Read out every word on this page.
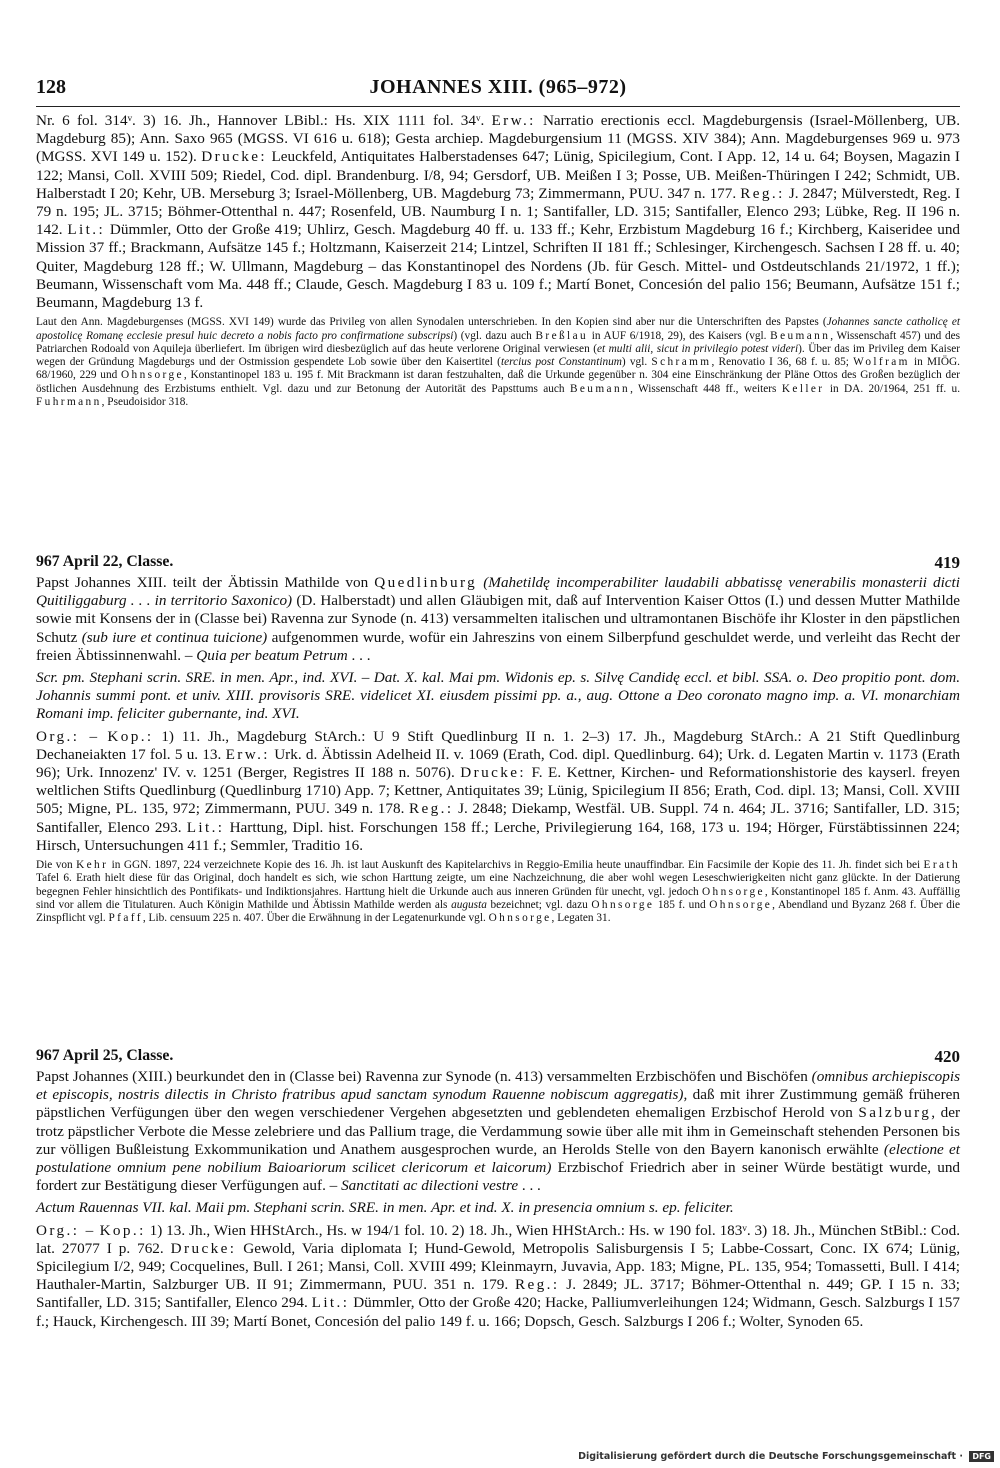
128	JOHANNES XIII. (965–972)

Nr. 6 fol. 314ᵛ. 3) 16. Jh., Hannover LBibl.: Hs. XIX 1111 fol. 34ᵛ. Erw.: Narratio erectionis eccl. Magdeburgensis (Israel-Möllenberg, UB. Magdeburg 85); Ann. Saxo 965 (MGSS. VI 616 u. 618); Gesta archiep. Magdeburgensium 11 (MGSS. XIV 384); Ann. Magdeburgenses 969 u. 973 (MGSS. XVI 149 u. 152). Drucke: Leuckfeld, Antiquitates Halberstadenses 647; Lünig, Spicilegium, Cont. I App. 12, 14 u. 64; Boysen, Magazin I 122; Mansi, Coll. XVIII 509; Riedel, Cod. dipl. Brandenburg. I/8, 94; Gersdorf, UB. Meißen I 3; Posse, UB. Meißen-Thüringen I 242; Schmidt, UB. Halberstadt I 20; Kehr, UB. Merseburg 3; Israel-Möllenberg, UB. Magdeburg 73; Zimmermann, PUU. 347 n. 177. Reg.: J. 2847; Mülverstedt, Reg. I 79 n. 195; JL. 3715; Böhmer-Ottenthal n. 447; Rosenfeld, UB. Naumburg I n. 1; Santifaller, LD. 315; Santifaller, Elenco 293; Lübke, Reg. II 196 n. 142. Lit.: Dümmler, Otto der Große 419; Uhlirz, Gesch. Magdeburg 40 ff. u. 133 ff.; Kehr, Erzbistum Magdeburg 16 f.; Kirchberg, Kaiseridee und Mission 37 ff.; Brackmann, Aufsätze 145 f.; Holtzmann, Kaiserzeit 214; Lintzel, Schriften II 181 ff.; Schlesinger, Kirchengesch. Sachsen I 28 ff. u. 40; Quiter, Magdeburg 128 ff.; W. Ullmann, Magdeburg – das Konstantinopel des Nordens (Jb. für Gesch. Mittel- und Ostdeutschlands 21/1972, 1 ff.); Beumann, Wissenschaft vom Ma. 448 ff.; Claude, Gesch. Magdeburg I 83 u. 109 f.; Martí Bonet, Concesión del palio 156; Beumann, Aufsätze 151 f.; Beumann, Magdeburg 13 f.

Laut den Ann. Magdeburgenses (MGSS. XVI 149) wurde das Privileg von allen Synodalen unterschrieben. In den Kopien sind aber nur die Unterschriften des Papstes (Johannes sancte catholicę et apostolicę Romanę ecclesie presul huic decreto a nobis facto pro confirmatione subscripsi) (vgl. dazu auch Breßlau in AUF 6/1918, 29), des Kaisers (vgl. Beumann, Wissenschaft 457) und des Patriarchen Rodoald von Aquileja überliefert. Im übrigen wird diesbezüglich auf das heute verlorene Original verwiesen (et multi alii, sicut in privilegio potest videri). Über das im Privileg dem Kaiser wegen der Gründung Magdeburgs und der Ostmission gespendete Lob sowie über den Kaisertitel (tercius post Constantinum) vgl. Schramm, Renovatio I 36, 68 f. u. 85; Wolfram in MIÖG. 68/1960, 229 und Ohnsorge, Konstantinopel 183 u. 195 f. Mit Brackmann ist daran festzuhalten, daß die Urkunde gegenüber n. 304 eine Einschränkung der Pläne Ottos des Großen bezüglich der östlichen Ausdehnung des Erzbistums enthielt. Vgl. dazu und zur Betonung der Autorität des Papsttums auch Beumann, Wissenschaft 448 ff., weiters Keller in DA. 20/1964, 251 ff. u. Fuhrmann, Pseudoisidor 318.

967 April 22, Classe.	419

Papst Johannes XIII. teilt der Äbtissin Mathilde von Quedlinburg (Mahetildę incomperabiliter laudabili abbatissę venerabilis monasterii dicti Quitiliggaburg . . . in territorio Saxonico) (D. Halberstadt) und allen Gläubigen mit, daß auf Intervention Kaiser Ottos (I.) und dessen Mutter Mathilde sowie mit Konsens der in (Classe bei) Ravenna zur Synode (n. 413) versammelten italischen und ultramontanen Bischöfe ihr Kloster in den päpstlichen Schutz (sub iure et continua tuicione) aufgenommen wurde, wofür ein Jahreszins von einem Silberpfund geschuldet werde, und verleiht das Recht der freien Äbtissinnenwahl. – Quia per beatum Petrum . . .

Scr. pm. Stephani scrin. SRE. in men. Apr., ind. XVI. – Dat. X. kal. Mai pm. Widonis ep. s. Silvę Candidę eccl. et bibl. SSA. o. Deo propitio pont. dom. Johannis summi pont. et univ. XIII. provisoris SRE. videlicet XI. eiusdem pissimi pp. a., aug. Ottone a Deo coronato magno imp. a. VI. monarchiam Romani imp. feliciter gubernante, ind. XVI.

Org.: – Kop.: 1) 11. Jh., Magdeburg StArch.: U 9 Stift Quedlinburg II n. 1. 2–3) 17. Jh., Magdeburg StArch.: A 21 Stift Quedlinburg Dechaneiakten 17 fol. 5 u. 13. Erw.: Urk. d. Äbtissin Adelheid II. v. 1069 (Erath, Cod. dipl. Quedlinburg. 64); Urk. d. Legaten Martin v. 1173 (Erath 96); Urk. Innozenz' IV. v. 1251 (Berger, Registres II 188 n. 5076). Drucke: F. E. Kettner, Kirchen- und Reformationshistorie des kayserl. freyen weltlichen Stifts Quedlinburg (Quedlinburg 1710) App. 7; Kettner, Antiquitates 39; Lünig, Spicilegium II 856; Erath, Cod. dipl. 13; Mansi, Coll. XVIII 505; Migne, PL. 135, 972; Zimmermann, PUU. 349 n. 178. Reg.: J. 2848; Diekamp, Westfäl. UB. Suppl. 74 n. 464; JL. 3716; Santifaller, LD. 315; Santifaller, Elenco 293. Lit.: Harttung, Dipl. hist. Forschungen 158 ff.; Lerche, Privilegierung 164, 168, 173 u. 194; Hörger, Fürstäbtissinnen 224; Hirsch, Untersuchungen 411 f.; Semmler, Traditio 16.

Die von Kehr in GGN. 1897, 224 verzeichnete Kopie des 16. Jh. ist laut Auskunft des Kapitelarchivs in Reggio-Emilia heute unauffindbar. Ein Facsimile der Kopie des 11. Jh. findet sich bei Erath Tafel 6. Erath hielt diese für das Original, doch handelt es sich, wie schon Harttung zeigte, um eine Nachzeichnung, die aber wohl wegen Leseschwierigkeiten nicht ganz glückte. In der Datierung begegnen Fehler hinsichtlich des Pontifikats- und Indiktionsjahres. Harttung hielt die Urkunde auch aus inneren Gründen für unecht, vgl. jedoch Ohnsorge, Konstantinopel 185 f. Anm. 43. Auffällig sind vor allem die Titulaturen. Auch Königin Mathilde und Äbtissin Mathilde werden als augusta bezeichnet; vgl. dazu Ohnsorge 185 f. und Ohnsorge, Abendland und Byzanz 268 f. Über die Zinspflicht vgl. Pfaff, Lib. censuum 225 n. 407. Über die Erwähnung in der Legatenurkunde vgl. Ohnsorge, Legaten 31.

967 April 25, Classe.	420

Papst Johannes (XIII.) beurkundet den in (Classe bei) Ravenna zur Synode (n. 413) versammelten Erzbischöfen und Bischöfen (omnibus archiepiscopis et episcopis, nostris dilectis in Christo fratribus apud sanctam synodum Rauenne nobiscum aggregatis), daß mit ihrer Zustimmung gemäß früheren päpstlichen Verfügungen über den wegen verschiedener Vergehen abgesetzten und geblendeten ehemaligen Erzbischof Herold von Salzburg, der trotz päpstlicher Verbote die Messe zelebriere und das Pallium trage, die Verdammung sowie über alle mit ihm in Gemeinschaft stehenden Personen bis zur völligen Bußleistung Exkommunikation und Anathem ausgesprochen wurde, an Herolds Stelle von den Bayern kanonisch erwählte (electione et postulatione omnium pene nobilium Baioariorum scilicet clericorum et laicorum) Erzbischof Friedrich aber in seiner Würde bestätigt wurde, und fordert zur Bestätigung dieser Verfügungen auf. – Sanctitati ac dilectioni vestre . . .

Actum Rauennas VII. kal. Maii pm. Stephani scrin. SRE. in men. Apr. et ind. X. in presencia omnium s. ep. feliciter.

Org.: – Kop.: 1) 13. Jh., Wien HHStArch., Hs. w 194/1 fol. 10. 2) 18. Jh., Wien HHStArch.: Hs. w 190 fol. 183ᵛ. 3) 18. Jh., München StBibl.: Cod. lat. 27077 I p. 762. Drucke: Gewold, Varia diplomata I; Hund-Gewold, Metropolis Salisburgensis I 5; Labbe-Cossart, Conc. IX 674; Lünig, Spicilegium I/2, 949; Cocquelines, Bull. I 261; Mansi, Coll. XVIII 499; Kleinmayrn, Juvavia, App. 183; Migne, PL. 135, 954; Tomassetti, Bull. I 414; Hauthaler-Martin, Salzburger UB. II 91; Zimmermann, PUU. 351 n. 179. Reg.: J. 2849; JL. 3717; Böhmer-Ottenthal n. 449; GP. I 15 n. 33; Santifaller, LD. 315; Santifaller, Elenco 294. Lit.: Dümmler, Otto der Große 420; Hacke, Palliumverleihungen 124; Widmann, Gesch. Salzburgs I 157 f.; Hauck, Kirchengesch. III 39; Martí Bonet, Concesión del palio 149 f. u. 166; Dopsch, Gesch. Salzburgs I 206 f.; Wolter, Synoden 65.

Digitalisierung gefördert durch die Deutsche Forschungsgemeinschaft · DFG
